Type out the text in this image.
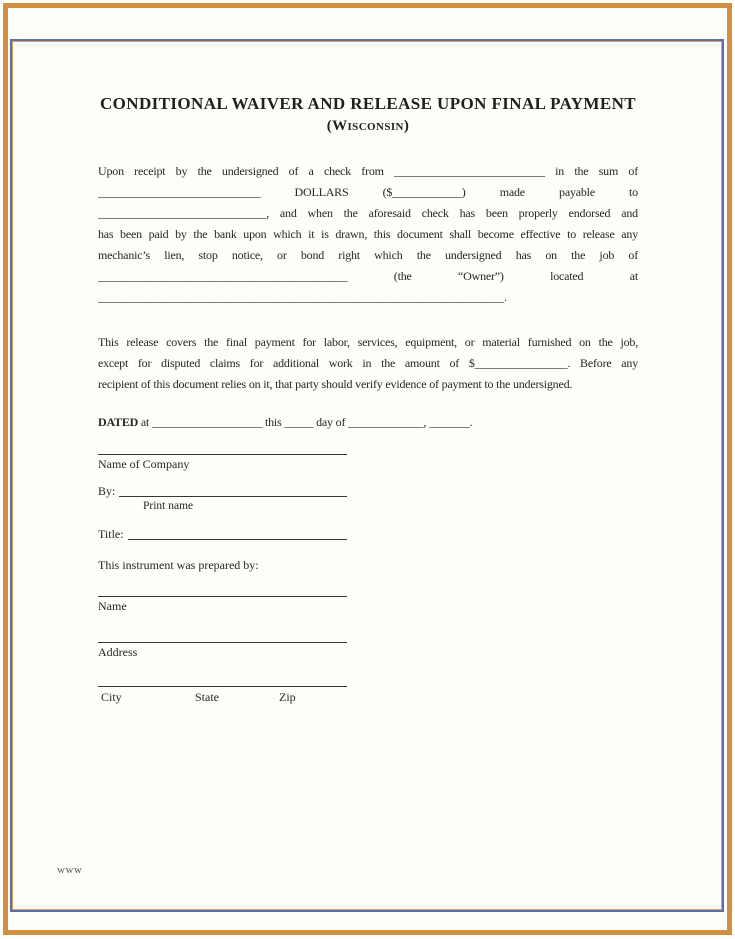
CONDITIONAL WAIVER AND RELEASE UPON FINAL PAYMENT
(Wisconsin)
Upon receipt by the undersigned of a check from __________________________ in the sum of
____________________________ DOLLARS ($____________) made payable to
_____________________________, and when the aforesaid check has been properly endorsed and
has been paid by the bank upon which it is drawn, this document shall become effective to release any
mechanic’s lien, stop notice, or bond right which the undersigned has on the job of
___________________________________________ (the “Owner”) located at
______________________________________________________________________.
This release covers the final payment for labor, services, equipment, or material furnished on the job,
except for disputed claims for additional work in the amount of $________________. Before any
recipient of this document relies on it, that party should verify evidence of payment to the undersigned.
DATED at ___________________ this _____ day of _____________, _______.
Name of Company
By:
Print name
Title:
This instrument was prepared by:
Name
Address
City	State	Zip
www
